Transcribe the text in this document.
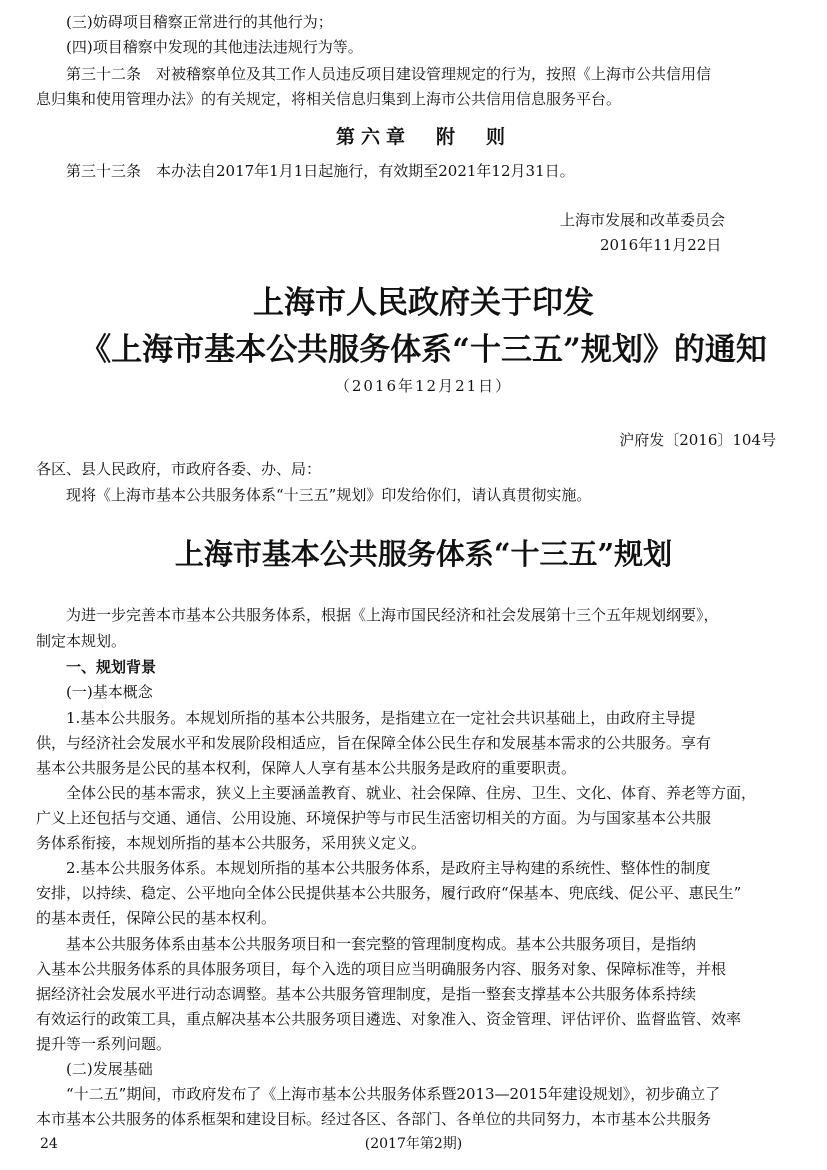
(三)妨碍项目稽察正常进行的其他行为；
(四)项目稽察中发现的其他违法违规行为等。
第三十二条　对被稽察单位及其工作人员违反项目建设管理规定的行为，按照《上海市公共信用信
息归集和使用管理办法》的有关规定，将相关信息归集到上海市公共信用信息服务平台。
第六章　附　则
第三十三条　本办法自2017年1月1日起施行，有效期至2021年12月31日。
上海市发展和改革委员会
2016年11月22日
上海市人民政府关于印发
《上海市基本公共服务体系“十三五”规划》的通知
（2016年12月21日）
沪府发〔2016〕104号
各区、县人民政府，市政府各委、办、局：
现将《上海市基本公共服务体系“十三五”规划》印发给你们，请认真贯彻实施。
上海市基本公共服务体系“十三五”规划
为进一步完善本市基本公共服务体系，根据《上海市国民经济和社会发展第十三个五年规划纲要》，
制定本规划。
一、规划背景
(一)基本概念
1.基本公共服务。本规划所指的基本公共服务，是指建立在一定社会共识基础上，由政府主导提
供，与经济社会发展水平和发展阶段相适应，旨在保障全体公民生存和发展基本需求的公共服务。享有
基本公共服务是公民的基本权利，保障人人享有基本公共服务是政府的重要职责。
全体公民的基本需求，狭义上主要涵盖教育、就业、社会保障、住房、卫生、文化、体育、养老等方面，
广义上还包括与交通、通信、公用设施、环境保护等与市民生活密切相关的方面。为与国家基本公共服
务体系衔接，本规划所指的基本公共服务，采用狭义定义。
2.基本公共服务体系。本规划所指的基本公共服务体系，是政府主导构建的系统性、整体性的制度
安排，以持续、稳定、公平地向全体公民提供基本公共服务，履行政府“保基本、兜底线、促公平、惠民生”
的基本责任，保障公民的基本权利。
基本公共服务体系由基本公共服务项目和一套完整的管理制度构成。基本公共服务项目，是指纳
入基本公共服务体系的具体服务项目，每个入选的项目应当明确服务内容、服务对象、保障标准等，并根
据经济社会发展水平进行动态调整。基本公共服务管理制度，是指一整套支撑基本公共服务体系持续
有效运行的政策工具，重点解决基本公共服务项目遴选、对象准入、资金管理、评估评价、监督监管、效率
提升等一系列问题。
(二)发展基础
“十二五”期间，市政府发布了《上海市基本公共服务体系暨2013—2015年建设规划》，初步确立了
本市基本公共服务的体系框架和建设目标。经过各区、各部门、各单位的共同努力，本市基本公共服务
24	(2017年第2期)
